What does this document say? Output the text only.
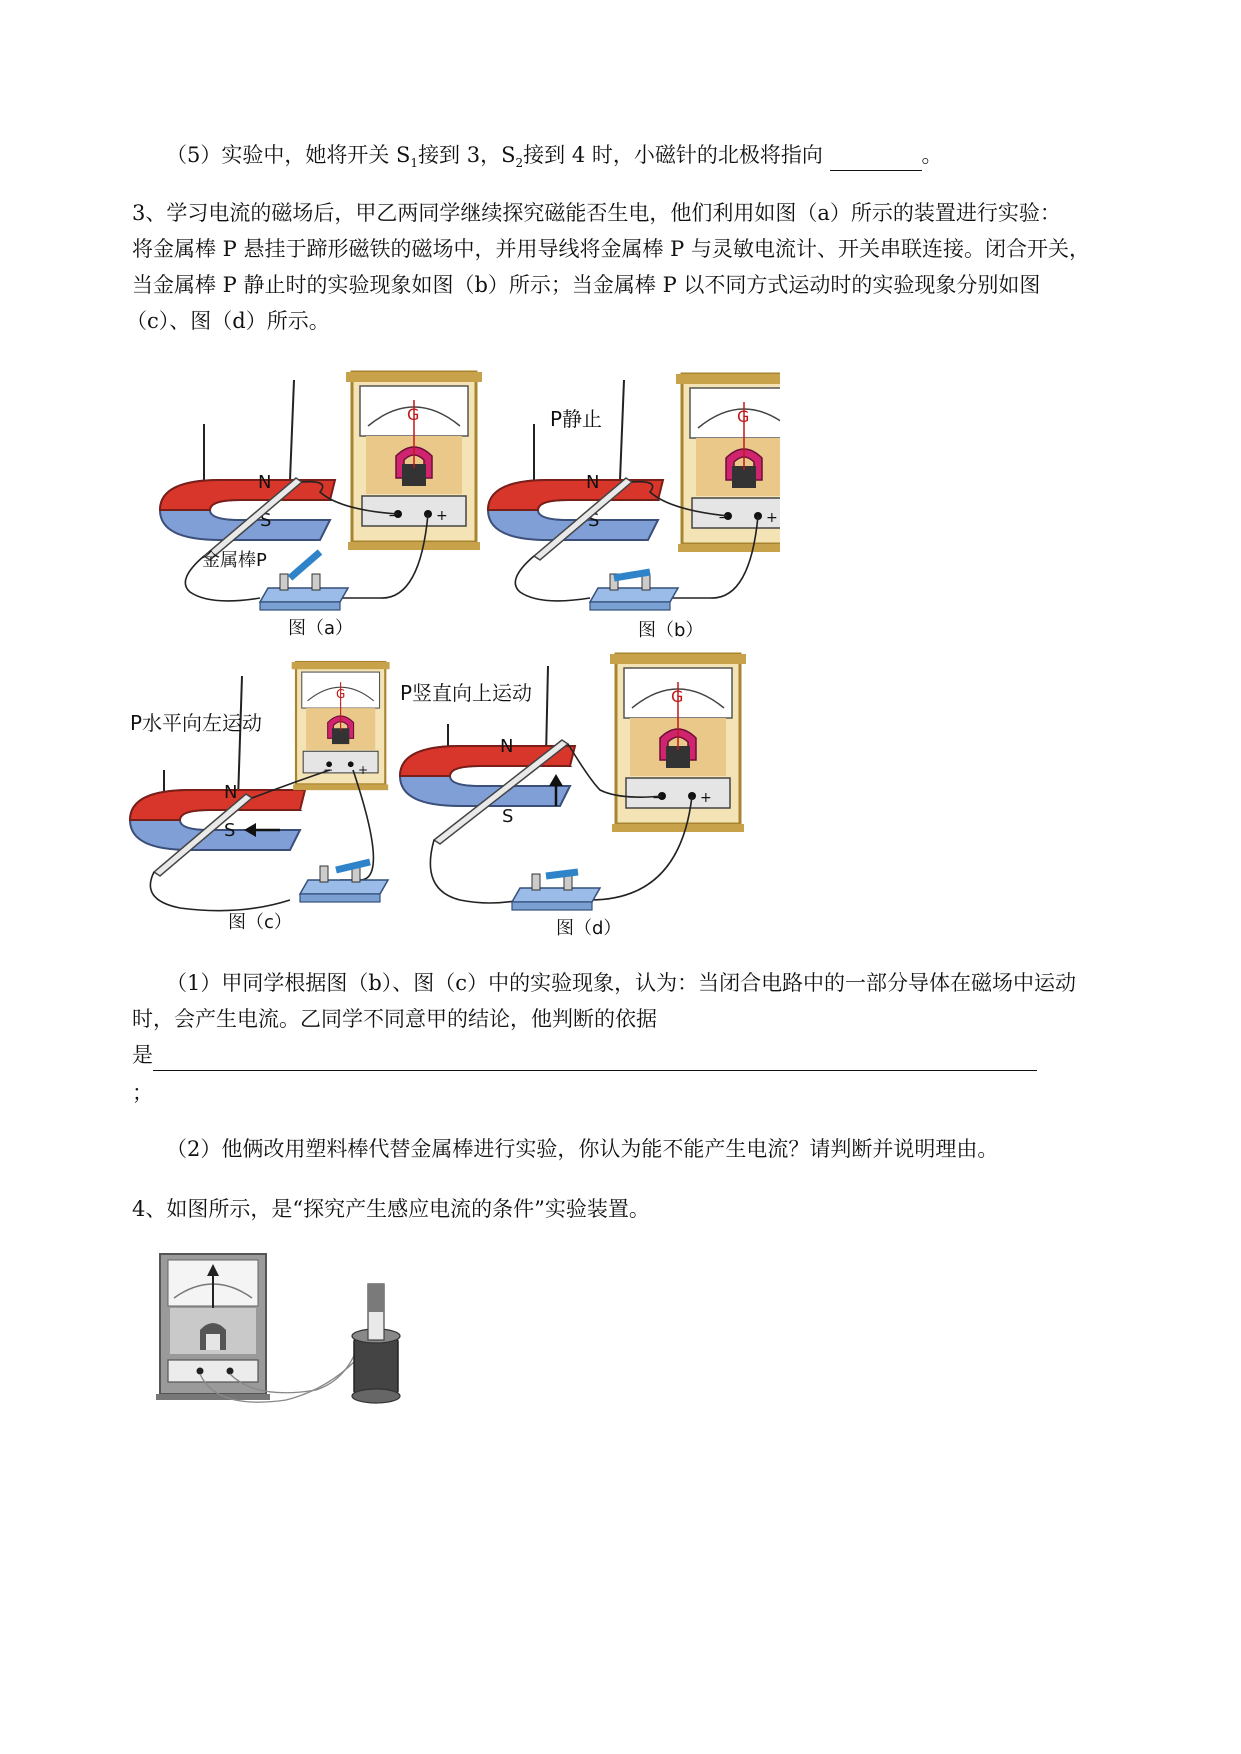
（5）实验中，她将开关 $S_1$接到 3，$S_2$接到 4 时，小磁针的北极将指向	。
3、学习电流的磁场后，甲乙两同学继续探究磁能否生电，他们利用如图（a）所示的装置进行实验：
将金属棒 P 悬挂于蹄形磁铁的磁场中，并用导线将金属棒 P 与灵敏电流计、开关串联连接。闭合开关，
当金属棒 P 静止时的实验现象如图（b）所示；当金属棒 P 以不同方式运动时的实验现象分别如图
（c）、图（d）所示。
N
S
G
−	+
金属棒P
图（a）
N
S
P静止	G
−	+
图（b）
N
S
P水平向左运动
G
− +
图（c）
N
S
P竖直向上运动	G
−	+
图（d）
（1）甲同学根据图（b）、图（c）中的实验现象，认为：当闭合电路中的一部分导体在磁场中运动
时，会产生电流。乙同学不同意甲的结论，他判断的依据
是
；
（2）他俩改用塑料棒代替金属棒进行实验，你认为能不能产生电流？请判断并说明理由。
4、如图所示，是“探究产生感应电流的条件”实验装置。
